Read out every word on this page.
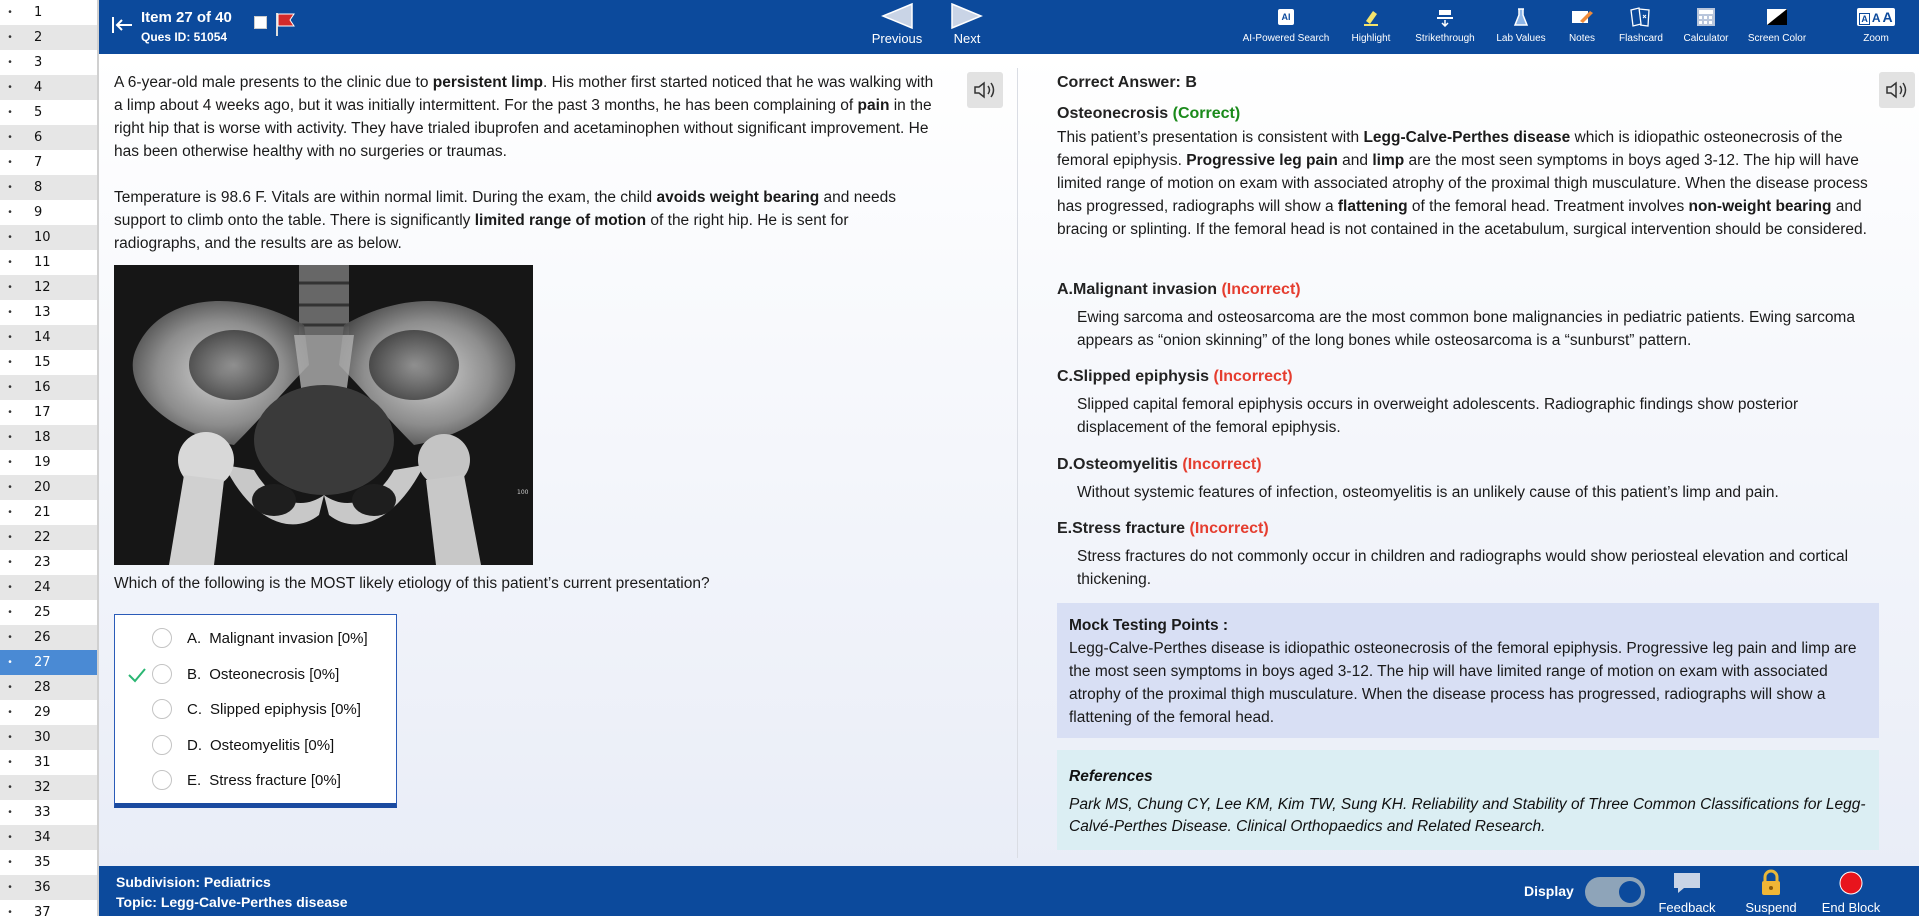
•	1
•	2
•	3
•	4
•	5
•	6
•	7
•	8
•	9
•	10
•	11
•	12
•	13
•	14
•	15
•	16
•	17
•	18
•	19
•	20
•	21
•	22
•	23
•	24
•	25
•	26
•	27
•	28
•	29
•	30
•	31
•	32
•	33
•	34
•	35
•	36
•	37
Item 27 of 40
Ques ID: 51054	Previous	Next
AI
AI-Powered Search	Highlight	Strikethrough	Lab Values	Notes	Flashcard	Calculator	Screen Color
A A A
Zoom

A 6-year-old male presents to the clinic due to persistent limp. His mother first started noticed that he was walking with a limp about 4 weeks ago, but it was initially intermittent. For the past 3 months, he has been complaining of pain in the right hip that is worse with activity. They have trialed ibuprofen and acetaminophen without significant improvement. He has been otherwise healthy with no surgeries or traumas.

Temperature is 98.6 F. Vitals are within normal limit. During the exam, the child avoids weight bearing and needs support to climb onto the table. There is significantly limited range of motion of the right hip. He is sent for radiographs, and the results are as below.

100
Which of the following is the MOST likely etiology of this patient’s current presentation?
A. Malignant invasion [0%]
B. Osteonecrosis [0%]
C. Slipped epiphysis [0%]
D. Osteomyelitis [0%]
E. Stress fracture [0%]
Correct Answer: B
Osteonecrosis (Correct)
This patient’s presentation is consistent with Legg-Calve-Perthes disease which is idiopathic osteonecrosis of the femoral epiphysis. Progressive leg pain and limp are the most seen symptoms in boys aged 3-12. The hip will have limited range of motion on exam with associated atrophy of the proximal thigh musculature. When the disease process has progressed, radiographs will show a flattening of the femoral head. Treatment involves non-weight bearing and bracing or splinting. If the femoral head is not contained in the acetabulum, surgical intervention should be considered.
A.Malignant invasion (Incorrect)
Ewing sarcoma and osteosarcoma are the most common bone malignancies in pediatric patients. Ewing sarcoma appears as “onion skinning” of the long bones while osteosarcoma is a “sunburst” pattern.
C.Slipped epiphysis (Incorrect)
Slipped capital femoral epiphysis occurs in overweight adolescents. Radiographic findings show posterior displacement of the femoral epiphysis.
D.Osteomyelitis (Incorrect)
Without systemic features of infection, osteomyelitis is an unlikely cause of this patient’s limp and pain.
E.Stress fracture (Incorrect)
Stress fractures do not commonly occur in children and radiographs would show periosteal elevation and cortical thickening.
Mock Testing Points :
Legg-Calve-Perthes disease is idiopathic osteonecrosis of the femoral epiphysis. Progressive leg pain and limp are the most seen symptoms in boys aged 3-12. The hip will have limited range of motion on exam with associated atrophy of the proximal thigh musculature. When the disease process has progressed, radiographs will show a flattening of the femoral head.
References
Park MS, Chung CY, Lee KM, Kim TW, Sung KH. Reliability and Stability of Three Common Classifications for Legg-Calvé-Perthes Disease. Clinical Orthopaedics and Related Research.
Subdivision: Pediatrics
Topic: Legg-Calve-Perthes disease
Display
Feedback	Suspend	End Block
